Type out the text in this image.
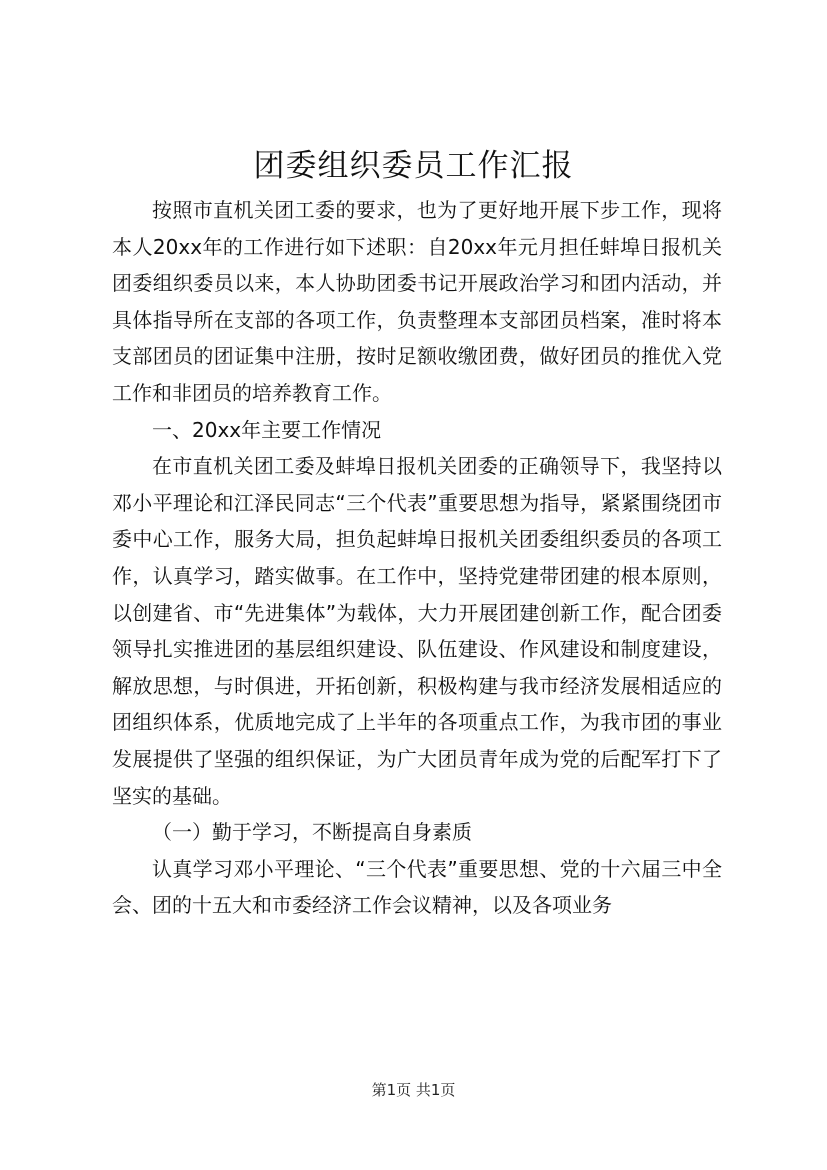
团委组织委员工作汇报

按照市直机关团工委的要求，也为了更好地开展下步工作，现将本人20xx年的工作进行如下述职：自20xx年元月担任蚌埠日报机关团委组织委员以来，本人协助团委书记开展政治学习和团内活动，并具体指导所在支部的各项工作，负责整理本支部团员档案，准时将本支部团员的团证集中注册，按时足额收缴团费，做好团员的推优入党工作和非团员的培养教育工作。

一、20xx年主要工作情况

在市直机关团工委及蚌埠日报机关团委的正确领导下，我坚持以邓小平理论和江泽民同志“三个代表”重要思想为指导，紧紧围绕团市委中心工作，服务大局，担负起蚌埠日报机关团委组织委员的各项工作，认真学习，踏实做事。在工作中，坚持党建带团建的根本原则，以创建省、市“先进集体”为载体，大力开展团建创新工作，配合团委领导扎实推进团的基层组织建设、队伍建设、作风建设和制度建设，解放思想，与时俱进，开拓创新，积极构建与我市经济发展相适应的团组织体系，优质地完成了上半年的各项重点工作，为我市团的事业发展提供了坚强的组织保证，为广大团员青年成为党的后配军打下了坚实的基础。

（一）勤于学习，不断提高自身素质

认真学习邓小平理论、“三个代表”重要思想、党的十六届三中全会、团的十五大和市委经济工作会议精神，以及各项业务

第1页 共1页
